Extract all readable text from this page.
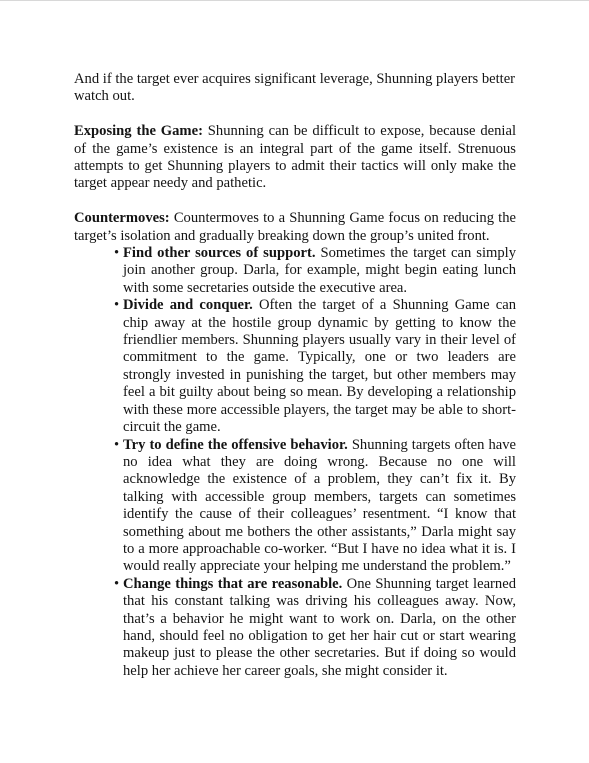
And if the target ever acquires significant leverage, Shunning players better watch out.

Exposing the Game: Shunning can be difficult to expose, because denial of the game’s existence is an integral part of the game itself. Strenuous attempts to get Shunning players to admit their tactics will only make the target appear needy and pathetic.

Countermoves: Countermoves to a Shunning Game focus on reducing the target’s isolation and gradually breaking down the group’s united front.

• Find other sources of support. Sometimes the target can simply join another group. Darla, for example, might begin eating lunch with some secretaries outside the executive area.
• Divide and conquer. Often the target of a Shunning Game can chip away at the hostile group dynamic by getting to know the friendlier members. Shunning players usually vary in their level of commitment to the game. Typically, one or two leaders are strongly invested in punishing the target, but other members may feel a bit guilty about being so mean. By developing a relationship with these more accessible players, the target may be able to short-circuit the game.
• Try to define the offensive behavior. Shunning targets often have no idea what they are doing wrong. Because no one will acknowledge the existence of a problem, they can’t fix it. By talking with accessible group members, targets can sometimes identify the cause of their colleagues’ resentment. “I know that something about me bothers the other assistants,” Darla might say to a more approachable co-worker. “But I have no idea what it is. I would really appreciate your helping me understand the problem.”
• Change things that are reasonable. One Shunning target learned that his constant talking was driving his colleagues away. Now, that’s a behavior he might want to work on. Darla, on the other hand, should feel no obligation to get her hair cut or start wearing makeup just to please the other secretaries. But if doing so would help her achieve her career goals, she might consider it.
